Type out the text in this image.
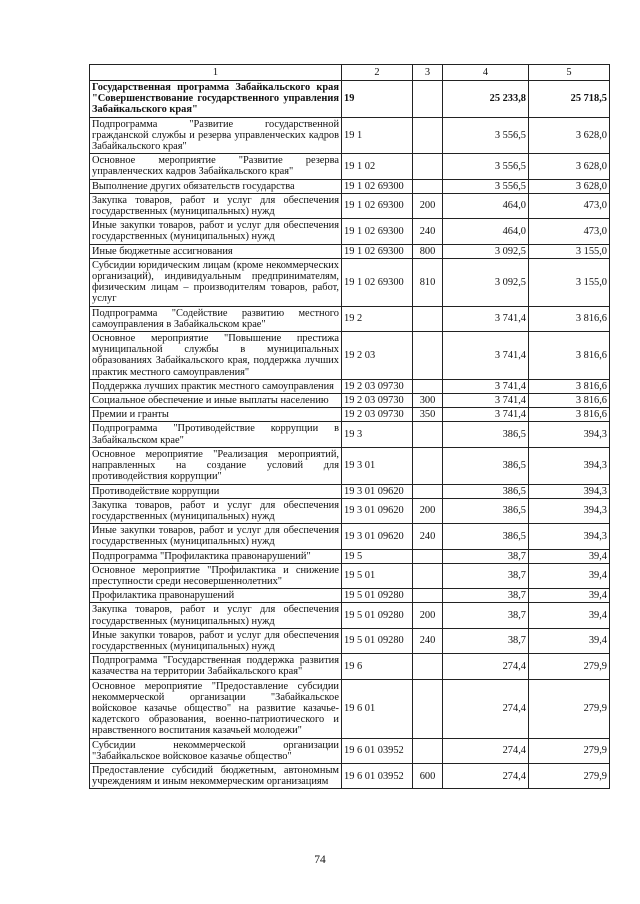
1	2	3	4	5
Государственная программа Забайкальского края "Совершенствование государственного управления Забайкальского края"	19		25 233,8	25 718,5
Подпрограмма "Развитие государственной гражданской службы и резерва управленческих кадров Забайкальского края"	19 1		3 556,5	3 628,0
Основное мероприятие "Развитие резерва управленческих кадров Забайкальского края"	19 1 02		3 556,5	3 628,0
Выполнение других обязательств государства	19 1 02 69300		3 556,5	3 628,0
Закупка товаров, работ и услуг для обеспечения государственных (муниципальных) нужд	19 1 02 69300	200	464,0	473,0
Иные закупки товаров, работ и услуг для обеспечения государственных (муниципальных) нужд	19 1 02 69300	240	464,0	473,0
Иные бюджетные ассигнования	19 1 02 69300	800	3 092,5	3 155,0
Субсидии юридическим лицам (кроме некоммерческих организаций), индивидуальным предпринимателям, физическим лицам – производителям товаров, работ, услуг	19 1 02 69300	810	3 092,5	3 155,0
Подпрограмма "Содействие развитию местного самоуправления в Забайкальском крае"	19 2		3 741,4	3 816,6
Основное мероприятие "Повышение престижа муниципальной службы в муниципальных образованиях Забайкальского края, поддержка лучших практик местного самоуправления"	19 2 03		3 741,4	3 816,6
Поддержка лучших практик местного самоуправления	19 2 03 09730		3 741,4	3 816,6
Социальное обеспечение и иные выплаты населению	19 2 03 09730	300	3 741,4	3 816,6
Премии и гранты	19 2 03 09730	350	3 741,4	3 816,6
Подпрограмма "Противодействие коррупции в Забайкальском крае"	19 3		386,5	394,3
Основное мероприятие "Реализация мероприятий, направленных на создание условий для противодействия коррупции"	19 3 01		386,5	394,3
Противодействие коррупции	19 3 01 09620		386,5	394,3
Закупка товаров, работ и услуг для обеспечения государственных (муниципальных) нужд	19 3 01 09620	200	386,5	394,3
Иные закупки товаров, работ и услуг для обеспечения государственных (муниципальных) нужд	19 3 01 09620	240	386,5	394,3
Подпрограмма "Профилактика правонарушений"	19 5		38,7	39,4
Основное мероприятие "Профилактика и снижение преступности среди несовершеннолетних"	19 5 01		38,7	39,4
Профилактика правонарушений	19 5 01 09280		38,7	39,4
Закупка товаров, работ и услуг для обеспечения государственных (муниципальных) нужд	19 5 01 09280	200	38,7	39,4
Иные закупки товаров, работ и услуг для обеспечения государственных (муниципальных) нужд	19 5 01 09280	240	38,7	39,4
Подпрограмма "Государственная поддержка развития казачества на территории Забайкальского края"	19 6		274,4	279,9
Основное мероприятие "Предоставление субсидии некоммерческой организации "Забайкальское войсковое казачье общество" на развитие казачье-кадетского образования, военно-патриотического и нравственного воспитания казачьей молодежи"	19 6 01		274,4	279,9
Субсидии некоммерческой организации "Забайкальское войсковое казачье общество"	19 6 01 03952		274,4	279,9
Предоставление субсидий бюджетным, автономным учреждениям и иным некоммерческим организациям	19 6 01 03952	600	274,4	279,9
74
